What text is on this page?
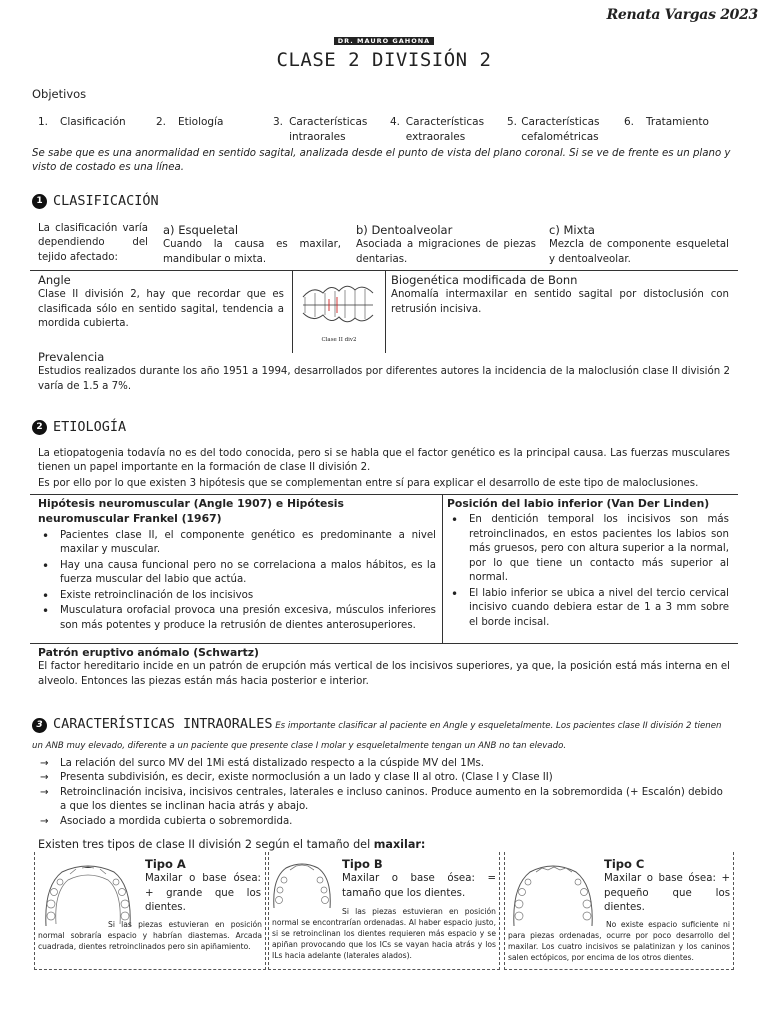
Renata Vargas 2023
DR. MAURO GAHONA
CLASE 2 DIVISIÓN 2
Objetivos
1.	Clasificación	2.	Etiología	3. Características intraorales
4. Características extraorales
5. Características cefalométricas
6.	Tratamiento
Se sabe que es una anormalidad en sentido sagital, analizada desde el punto de vista del plano coronal. Si se ve de frente es un plano y visto de costado es una línea.
1 CLASIFICACIÓN
La clasificación varía dependiendo del tejido afectado:
a) Esqueletal
Cuando la causa es maxilar, mandibular o mixta.
b) Dentoalveolar
Asociada a migraciones de piezas dentarias.
c) Mixta
Mezcla de componente esqueletal y dentoalveolar.
Angle
Clase II división 2, hay que recordar que es clasificada sólo en sentido sagital, tendencia a mordida cubierta.
Clase II div2
Biogenética modificada de Bonn
Anomalía intermaxilar en sentido sagital por distoclusión con retrusión incisiva.
Prevalencia
Estudios realizados durante los año 1951 a 1994, desarrollados por diferentes autores la incidencia de la maloclusión clase II división 2 varía de 1.5 a 7%.
2 ETIOLOGÍA
La etiopatogenia todavía no es del todo conocida, pero si se habla que el factor genético es la principal causa. Las fuerzas musculares tienen un papel importante en la formación de clase II división 2.
Es por ello por lo que existen 3 hipótesis que se complementan entre sí para explicar el desarrollo de este tipo de maloclusiones.
Hipótesis neuromuscular (Angle 1907) e Hipótesis neuromuscular Frankel (1967)
• Pacientes clase II, el componente genético es predominante a nivel maxilar y muscular.
• Hay una causa funcional pero no se correlaciona a malos hábitos, es la fuerza muscular del labio que actúa.
• Existe retroinclinación de los incisivos
• Musculatura orofacial provoca una presión excesiva, músculos inferiores son más potentes y produce la retrusión de dientes anterosuperiores.
Posición del labio inferior (Van Der Linden)
• En dentición temporal los incisivos son más retroinclinados, en estos pacientes los labios son más gruesos, pero con altura superior a la normal, por lo que tiene un contacto más superior al normal.
• El labio inferior se ubica a nivel del tercio cervical incisivo cuando debiera estar de 1 a 3 mm sobre el borde incisal.
Patrón eruptivo anómalo (Schwartz)
El factor hereditario incide en un patrón de erupción más vertical de los incisivos superiores, ya que, la posición está más interna en el alveolo. Entonces las piezas están más hacia posterior e interior.
3 CARACTERÍSTICAS INTRAORALES Es importante clasificar al paciente en Angle y esqueletalmente. Los pacientes clase II división 2 tienen un ANB muy elevado, diferente a un paciente que presente clase I molar y esqueletalmente tengan un ANB no tan elevado.
→ La relación del surco MV del 1Mi está distalizado respecto a la cúspide MV del 1Ms.
→ Presenta subdivisión, es decir, existe normoclusión a un lado y clase II al otro. (Clase I y Clase II)
→ Retroinclinación incisiva, incisivos centrales, laterales e incluso caninos. Produce aumento en la sobremordida (+ Escalón) debido a que los dientes se inclinan hacia atrás y abajo.
→ Asociado a mordida cubierta o sobremordida.
Existen tres tipos de clase II división 2 según el tamaño del maxilar:
Tipo A
Maxilar o base ósea: + grande que los dientes.
Si las piezas estuvieran en posición normal sobraría espacio y habrían diastemas. Arcada cuadrada, dientes retroinclinados pero sin apiñamiento.
Tipo B
Maxilar o base ósea: = tamaño que los dientes.
Si las piezas estuvieran en posición normal se encontrarían ordenadas. Al haber espacio justo, si se retroinclinan los dientes requieren más espacio y se apiñan provocando que los ICs se vayan hacia atrás y los ILs hacia adelante (laterales alados).
Tipo C
Maxilar o base ósea: + pequeño que los dientes.
No existe espacio suficiente ni para piezas ordenadas, ocurre por poco desarrollo del maxilar. Los cuatro incisivos se palatinizan y los caninos salen ectópicos, por encima de los otros dientes.
